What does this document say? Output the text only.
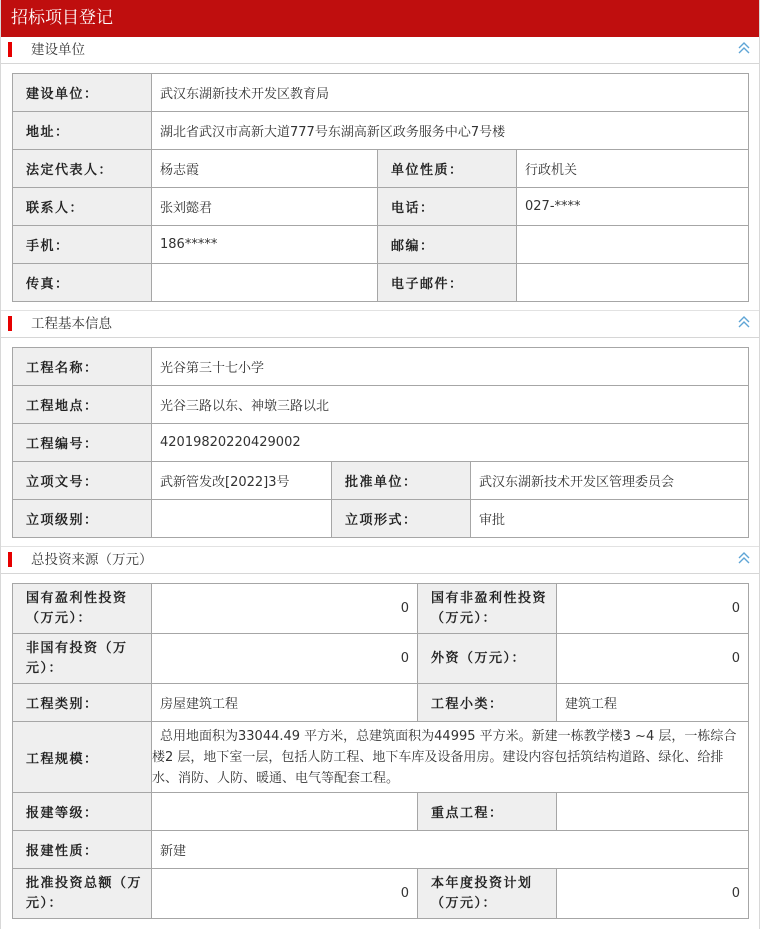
招标项目登记
建设单位
建设单位：	武汉东湖新技术开发区教育局		
地址：	湖北省武汉市高新大道777号东湖高新区政务服务中心7号楼		
法定代表人：	杨志霞	单位性质：	行政机关
联系人：	张刘懿君	电话：	027-****
手机：	186*****	邮编：	
传真：		电子邮件：	
工程基本信息
工程名称：	光谷第三十七小学		
工程地点：	光谷三路以东、神墩三路以北		
工程编号：	42019820220429002		
立项文号：	武新管发改[2022]3号	批准单位：	武汉东湖新技术开发区管理委员会
立项级别：		立项形式：	审批
总投资来源（万元）
国有盈利性投资（万元）：	0	国有非盈利性投资（万元）：	0
非国有投资（万元）：	0	外资（万元）：	0
工程类别：	房屋建筑工程	工程小类：	建筑工程
工程规模：	总用地面积为33044.49 平方米，总建筑面积为44995 平方米。新建一栋教学楼3 ~4 层，一栋综合楼2 层，地下室一层，包括人防工程、地下车库及设备用房。建设内容包括筑结构道路、绿化、给排水、消防、人防、暖通、电气等配套工程。		
报建等级：		重点工程：	
报建性质：	新建		
批准投资总额（万元）：	0	本年度投资计划（万元）：	0
